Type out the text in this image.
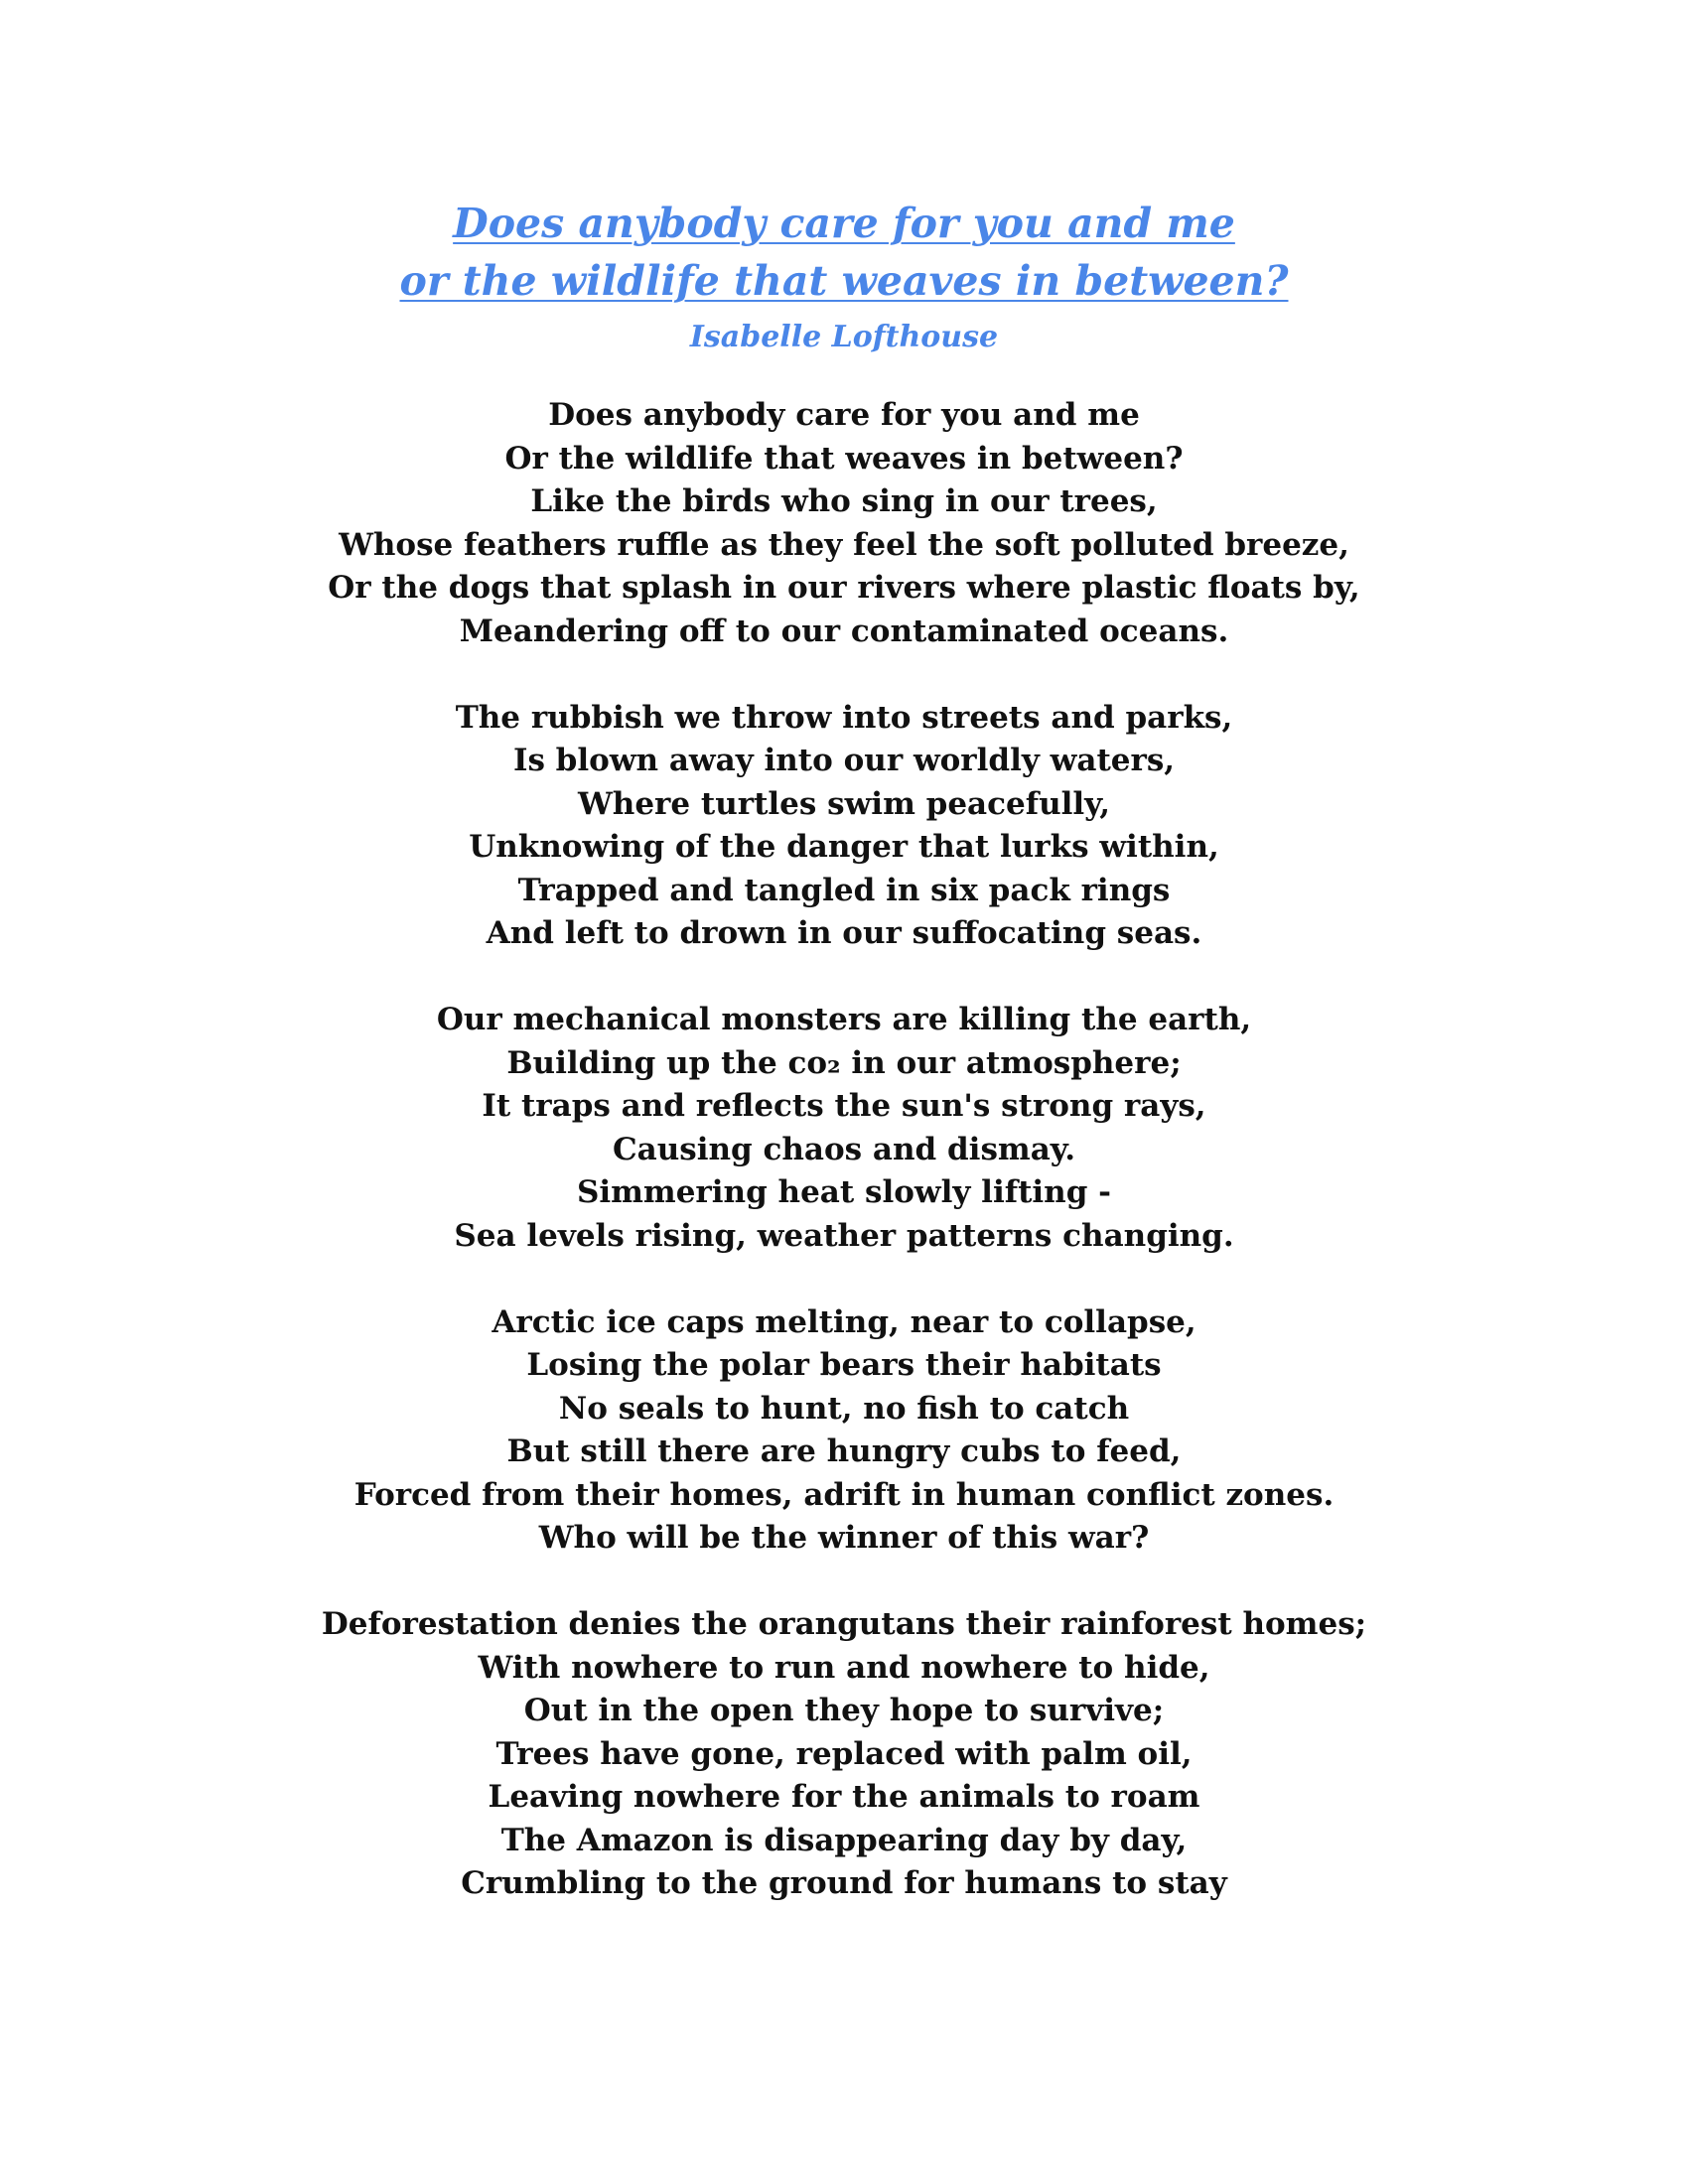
Does anybody care for you and me
or the wildlife that weaves in between?
Isabelle Lofthouse
Does anybody care for you and me
Or the wildlife that weaves in between?
Like the birds who sing in our trees,
Whose feathers ruffle as they feel the soft polluted breeze,
Or the dogs that splash in our rivers where plastic floats by,
Meandering off to our contaminated oceans.
The rubbish we throw into streets and parks,
Is blown away into our worldly waters,
Where turtles swim peacefully,
Unknowing of the danger that lurks within,
Trapped and tangled in six pack rings
And left to drown in our suffocating seas.
Our mechanical monsters are killing the earth,
Building up the co₂ in our atmosphere;
It traps and reflects the sun's strong rays,
Causing chaos and dismay.
Simmering heat slowly lifting -
Sea levels rising, weather patterns changing.
Arctic ice caps melting, near to collapse,
Losing the polar bears their habitats
No seals to hunt, no fish to catch
But still there are hungry cubs to feed,
Forced from their homes, adrift in human conflict zones.
Who will be the winner of this war?
Deforestation denies the orangutans their rainforest homes;
With nowhere to run and nowhere to hide,
Out in the open they hope to survive;
Trees have gone, replaced with palm oil,
Leaving nowhere for the animals to roam
The Amazon is disappearing day by day,
Crumbling to the ground for humans to stay
